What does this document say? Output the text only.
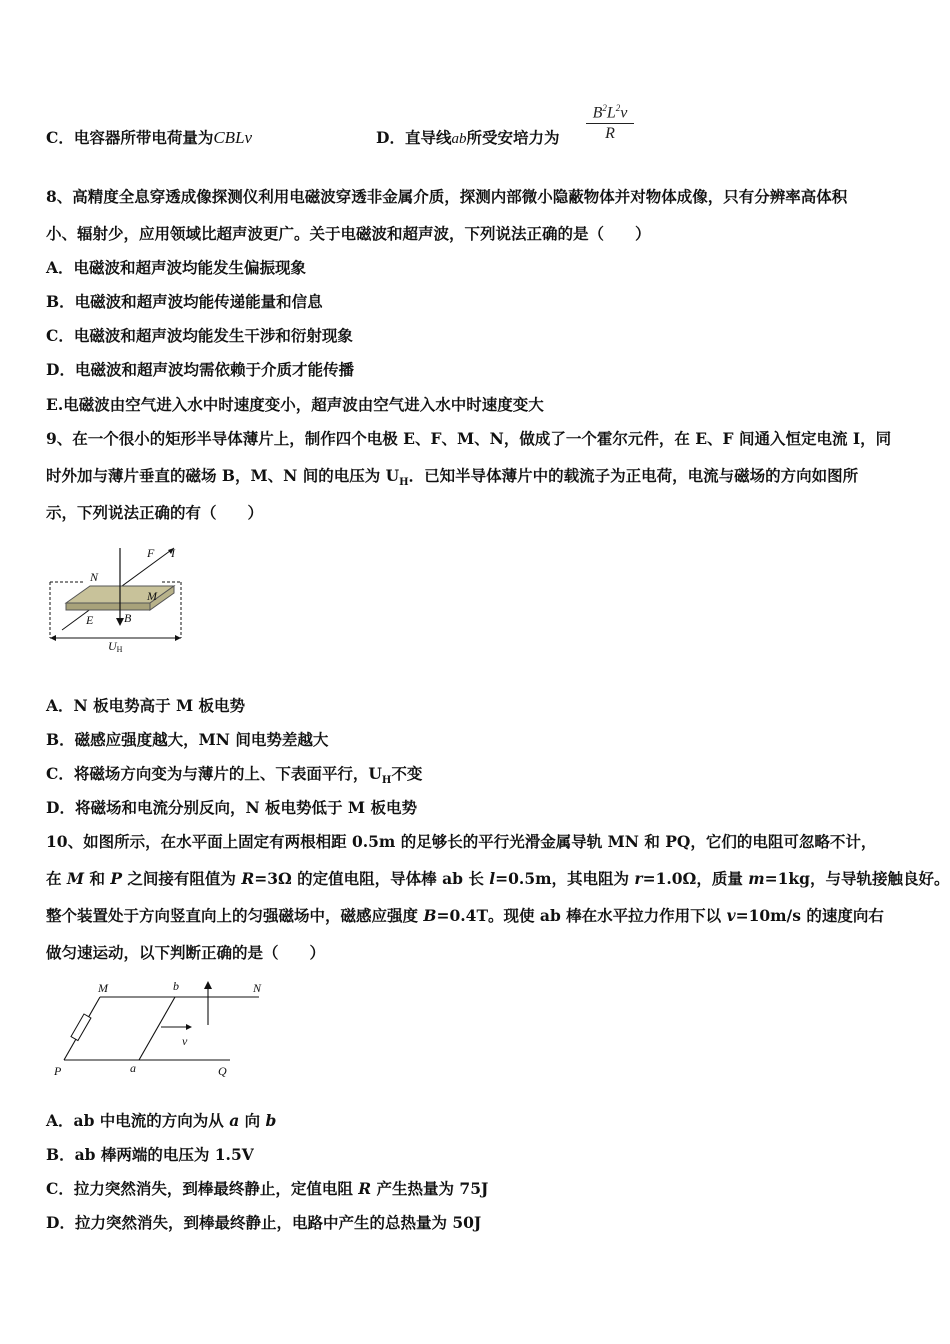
C．电容器所带电荷量为CBLv	D．直导线ab所受安培力为 $\frac{B^2L^2v}{R}$
8、高精度全息穿透成像探测仪利用电磁波穿透非金属介质，探测内部微小隐蔽物体并对物体成像，只有分辨率高体积
小、辐射少，应用领域比超声波更广。关于电磁波和超声波，下列说法正确的是（　　）
A．电磁波和超声波均能发生偏振现象
B．电磁波和超声波均能传递能量和信息
C．电磁波和超声波均能发生干涉和衍射现象
D．电磁波和超声波均需依赖于介质才能传播
E.电磁波由空气进入水中时速度变小，超声波由空气进入水中时速度变大
9、在一个很小的矩形半导体薄片上，制作四个电极 E、F、M、N，做成了一个霍尔元件，在 E、F 间通入恒定电流 I，同
时外加与薄片垂直的磁场 B，M、N 间的电压为 $U_H$．已知半导体薄片中的载流子为正电荷，电流与磁场的方向如图所
示，下列说法正确的有（　　）
N
M
E
F I
B
UH
A．N 板电势高于 M 板电势
B．磁感应强度越大，MN 间电势差越大
C．将磁场方向变为与薄片的上、下表面平行，$U_H$不变
D．将磁场和电流分别反向，N 板电势低于 M 板电势
10、如图所示，在水平面上固定有两根相距 0.5m 的足够长的平行光滑金属导轨 MN 和 PQ，它们的电阻可忽略不计，
在 M 和 P 之间接有阻值为 R=3Ω 的定值电阻，导体棒 ab 长 l=0.5m，其电阻为 r=1.0Ω，质量 m=1kg，与导轨接触良好。
整个装置处于方向竖直向上的匀强磁场中，磁感应强度 B=0.4T。现使 ab 棒在水平拉力作用下以 v=10m/s 的速度向右
做匀速运动，以下判断正确的是（　　）
M	b	N
v
P	a	Q
A．ab 中电流的方向为从 a 向 b
B．ab 棒两端的电压为 1.5V
C．拉力突然消失，到棒最终静止，定值电阻 R 产生热量为 75J
D．拉力突然消失，到棒最终静止，电路中产生的总热量为 50J
